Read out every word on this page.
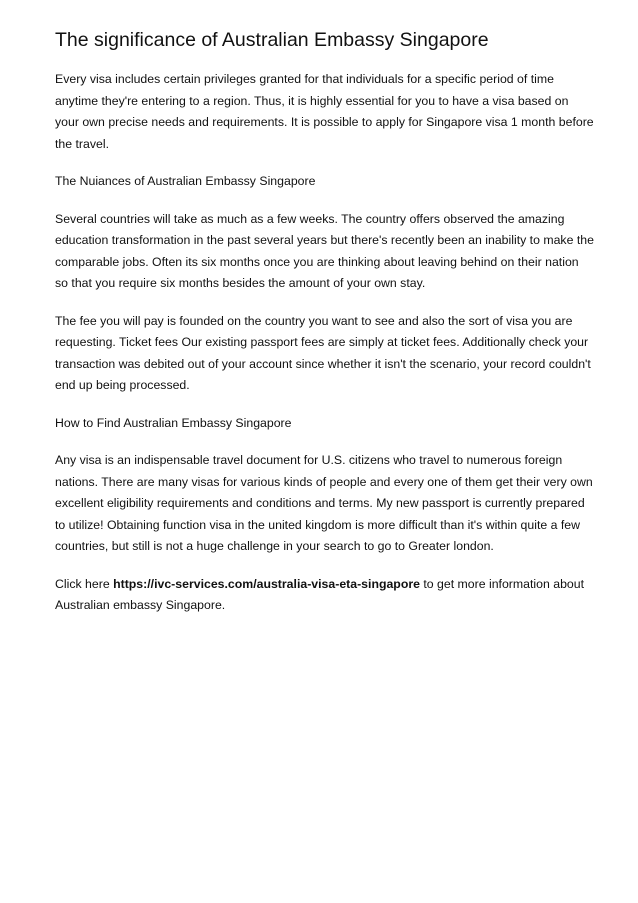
The significance of Australian Embassy Singapore

Every visa includes certain privileges granted for that individuals for a specific period of time anytime they're entering to a region. Thus, it is highly essential for you to have a visa based on your own precise needs and requirements. It is possible to apply for Singapore visa 1 month before the travel.

The Nuiances of Australian Embassy Singapore

Several countries will take as much as a few weeks. The country offers observed the amazing education transformation in the past several years but there's recently been an inability to make the comparable jobs. Often its six months once you are thinking about leaving behind on their nation so that you require six months besides the amount of your own stay.

The fee you will pay is founded on the country you want to see and also the sort of visa you are requesting. Ticket fees Our existing passport fees are simply at ticket fees. Additionally check your transaction was debited out of your account since whether it isn't the scenario, your record couldn't end up being processed.

How to Find Australian Embassy Singapore

Any visa is an indispensable travel document for U.S. citizens who travel to numerous foreign nations. There are many visas for various kinds of people and every one of them get their very own excellent eligibility requirements and conditions and terms. My new passport is currently prepared to utilize! Obtaining function visa in the united kingdom is more difficult than it's within quite a few countries, but still is not a huge challenge in your search to go to Greater london.

Click here https://ivc-services.com/australia-visa-eta-singapore to get more information about Australian embassy Singapore.
